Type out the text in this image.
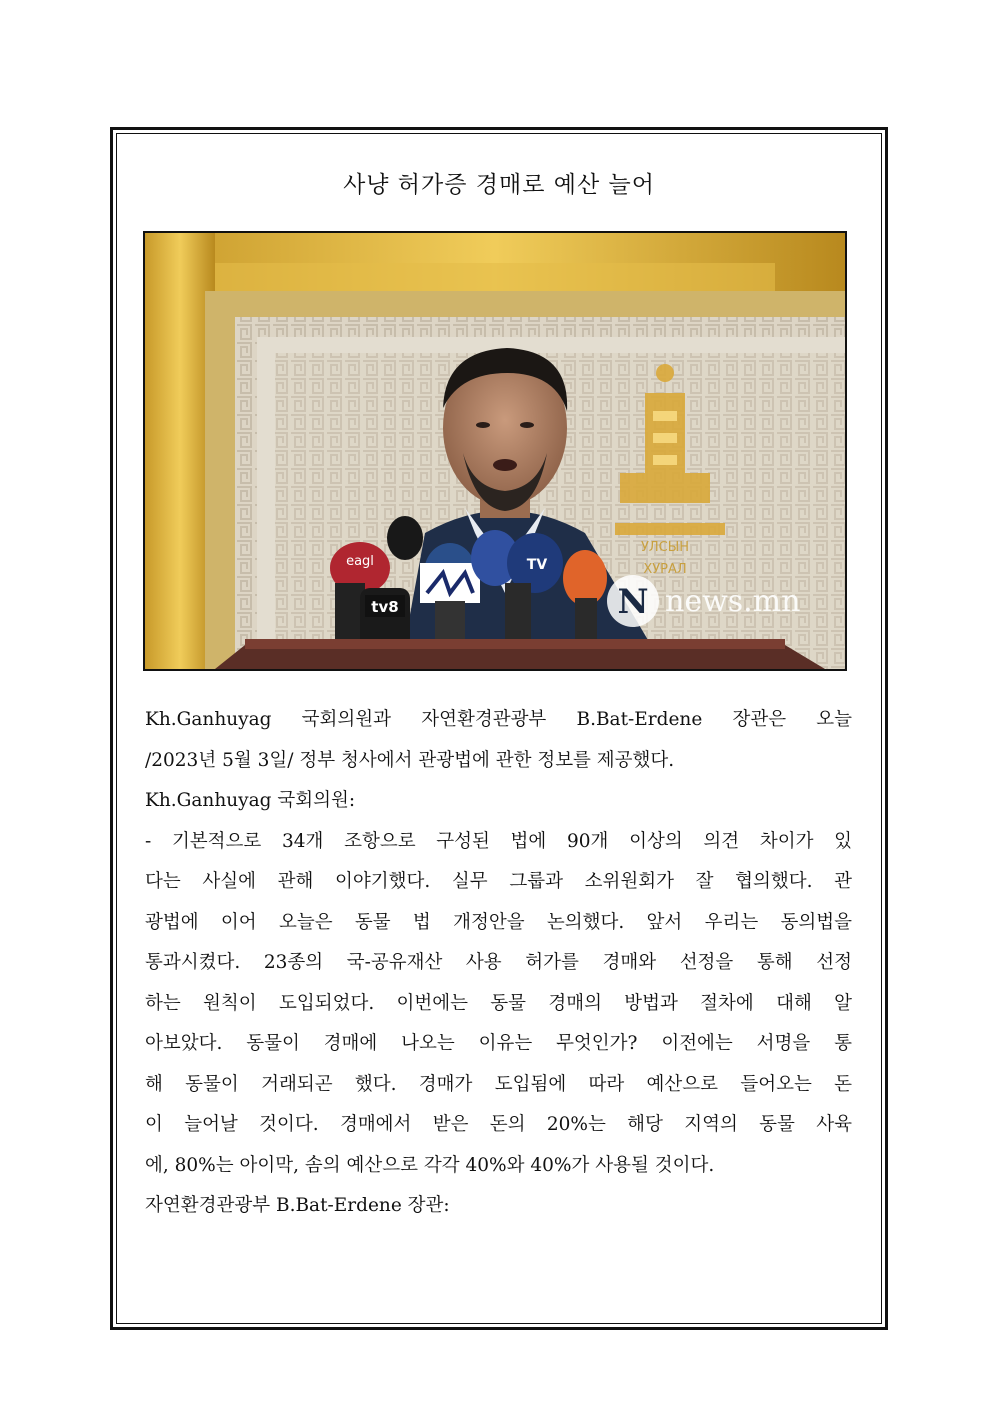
사냥 허가증 경매로 예산 늘어
УЛСЫН
ХУРАЛ
eagl
tv8
TV
N news.mn

Kh.Ganhuyag 국회의원과 자연환경관광부 B.Bat-Erdene 장관은 오늘
/2023년 5월 3일/ 정부 청사에서 관광법에 관한 정보를 제공했다.

Kh.Ganhuyag 국회의원:

- 기본적으로 34개 조항으로 구성된 법에 90개 이상의 의견 차이가 있
다는 사실에 관해 이야기했다. 실무 그룹과 소위원회가 잘 협의했다. 관
광법에 이어 오늘은 동물 법 개정안을 논의했다. 앞서 우리는 동의법을
통과시켰다. 23종의 국-공유재산 사용 허가를 경매와 선정을 통해 선정
하는 원칙이 도입되었다. 이번에는 동물 경매의 방법과 절차에 대해 알
아보았다. 동물이 경매에 나오는 이유는 무엇인가? 이전에는 서명을 통
해 동물이 거래되곤 했다. 경매가 도입됨에 따라 예산으로 들어오는 돈
이 늘어날 것이다. 경매에서 받은 돈의 20%는 해당 지역의 동물 사육
에, 80%는 아이막, 솜의 예산으로 각각 40%와 40%가 사용될 것이다.

자연환경관광부 B.Bat-Erdene 장관:
